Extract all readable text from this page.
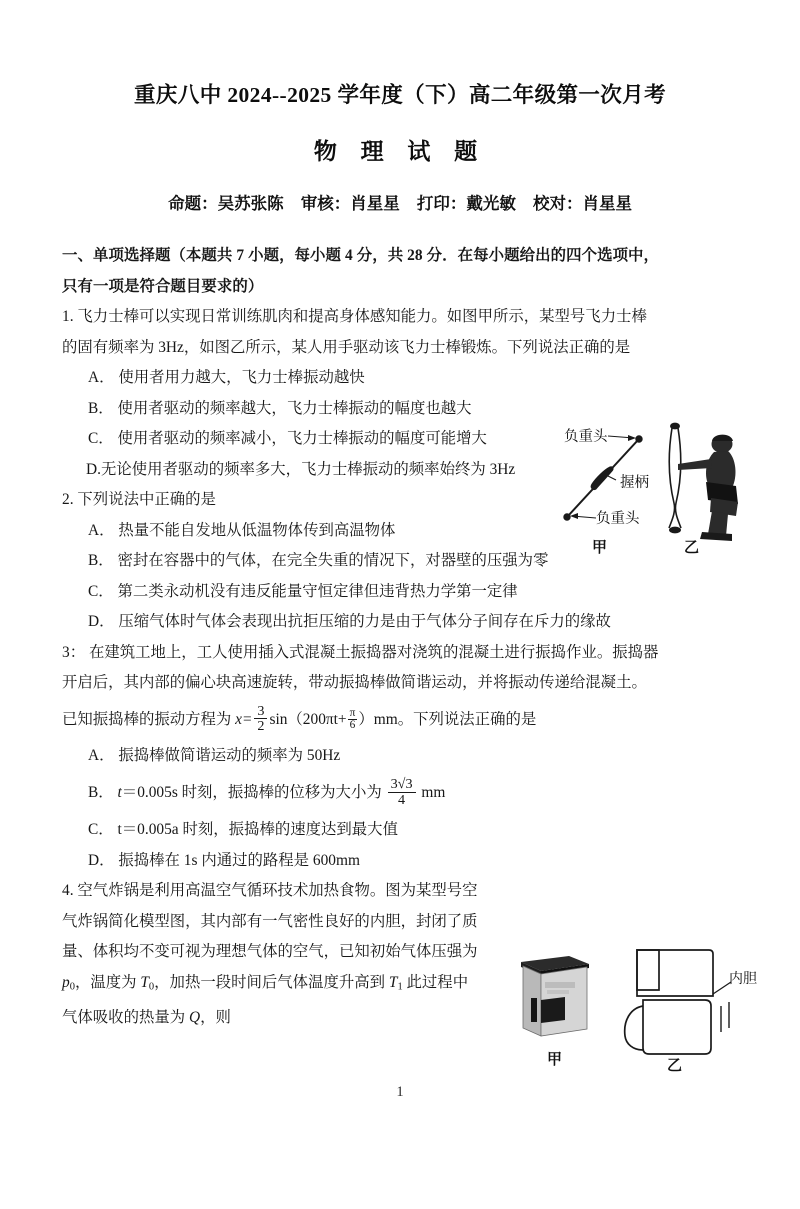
重庆八中 2024--2025 学年度（下）高二年级第一次月考
物 理 试 题
命题：吴苏张陈 审核：肖星星 打印：戴光敏 校对：肖星星
一、单项选择题（本题共 7 小题，每小题 4 分，共 28 分．在每小题给出的四个选项中，
只有一项是符合题目要求的）
1. 飞力士棒可以实现日常训练肌肉和提高身体感知能力。如图甲所示，某型号飞力士棒
的固有频率为 3Hz，如图乙所示，某人用手驱动该飞力士棒锻炼。下列说法正确的是
A． 使用者用力越大，飞力士棒振动越快
B． 使用者驱动的频率越大，飞力士棒振动的幅度也越大
C． 使用者驱动的频率减小，飞力士棒振动的幅度可能增大
D.无论使用者驱动的频率多大，飞力士棒振动的频率始终为 3Hz
2. 下列说法中正确的是
A． 热量不能自发地从低温物体传到高温物体
B． 密封在容器中的气体，在完全失重的情况下，对器壁的压强为零
C． 第二类永动机没有违反能量守恒定律但违背热力学第一定律
D． 压缩气体时气体会表现出抗拒压缩的力是由于气体分子间存在斥力的缘故
3： 在建筑工地上，工人使用插入式混凝土振捣器对浇筑的混凝土进行振捣作业。振捣器
开启后，其内部的偏心块高速旋转，带动振捣棒做简谐运动，并将振动传递给混凝土。
已知振捣棒的振动方程为 $x= \frac{3}{2} \sin(200\pi t+ \frac{\pi}{6} )mm$。下列说法正确的是
A． 振捣棒做简谐运动的频率为 50Hz
B． t＝0.005s 时刻，振捣棒的位移为大小为 $\frac{3√3}{4}$ mm
C． t＝0.005a 时刻，振捣棒的速度达到最大值
D． 振捣棒在 1s 内通过的路程是 600mm
4. 空气炸锅是利用高温空气循环技术加热食物。图为某型号空
气炸锅简化模型图，其内部有一气密性良好的内胆，封闭了质
量、体积均不变可视为理想气体的空气，已知初始气体压强为
$p_0$，温度为 $T_0$，加热一段时间后气体温度升高到 $T_1$ 此过程中
气体吸收的热量为 Q，则
负重头
握柄
负重头
甲	乙
内胆
甲	乙
1
